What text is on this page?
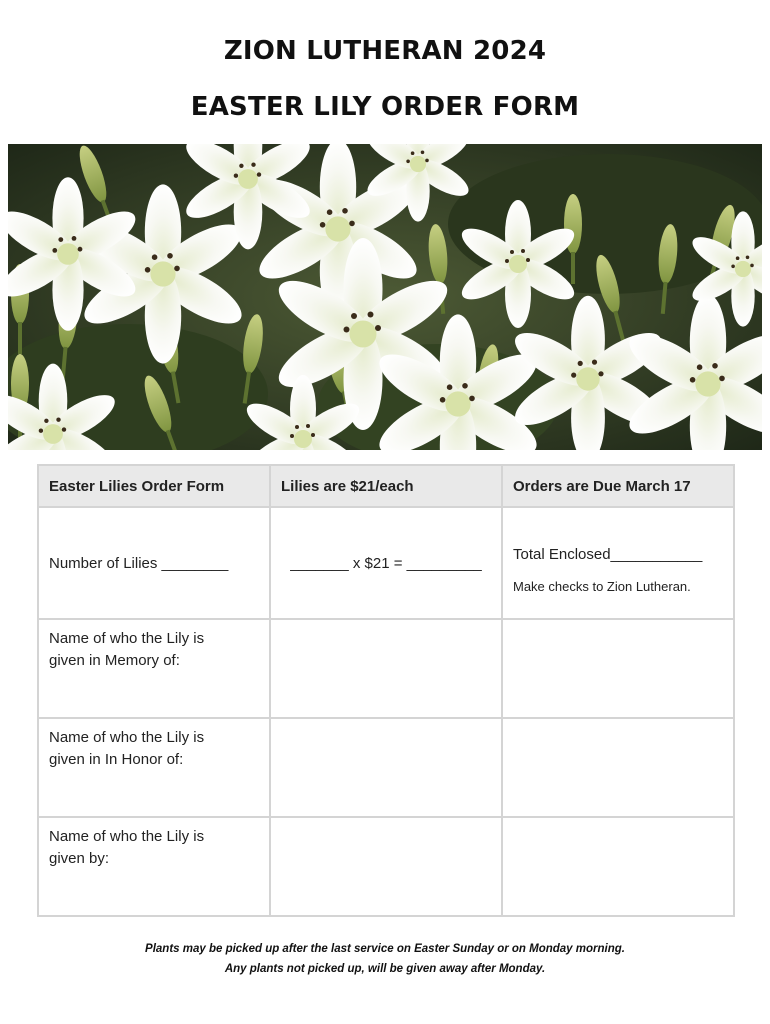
ZION LUTHERAN 2024
EASTER LILY ORDER FORM
Easter Lilies Order Form	Lilies are $21/each	Orders are Due March 17
Number of Lilies ________	_______ x $21 = _________	Total Enclosed___________
Make checks to Zion Lutheran.

Name of who the Lily is given in Memory of:		

Name of who the Lily is given in In Honor of:		

Name of who the Lily is given by:		

Plants may be picked up after the last service on Easter Sunday or on Monday morning.
Any plants not picked up, will be given away after Monday.
